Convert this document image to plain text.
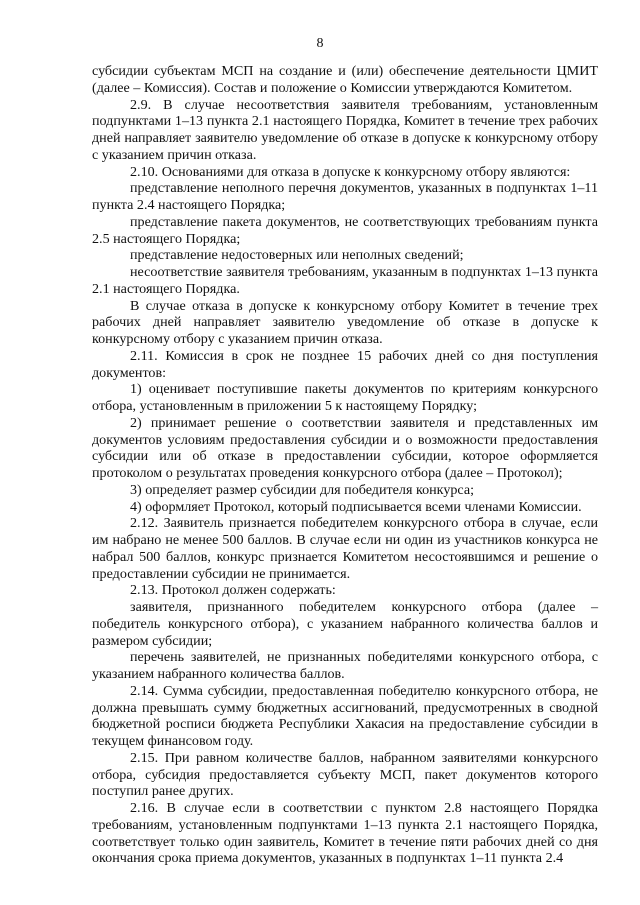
8

субсидии субъектам МСП на создание и (или) обеспечение деятельности ЦМИТ (далее – Комиссия). Состав и положение о Комиссии утверждаются Комитетом.

2.9. В случае несоответствия заявителя требованиям, установленным подпунктами 1–13 пункта 2.1 настоящего Порядка, Комитет в течение трех рабочих дней направляет заявителю уведомление об отказе в допуске к конкурсному отбору с указанием причин отказа.

2.10. Основаниями для отказа в допуске к конкурсному отбору являются:

представление неполного перечня документов, указанных в подпунктах 1–11 пункта 2.4 настоящего Порядка;

представление пакета документов, не соответствующих требованиям пункта 2.5 настоящего Порядка;

представление недостоверных или неполных сведений;

несоответствие заявителя требованиям, указанным в подпунктах 1–13 пункта 2.1 настоящего Порядка.

В случае отказа в допуске к конкурсному отбору Комитет в течение трех рабочих дней направляет заявителю уведомление об отказе в допуске к конкурсному отбору с указанием причин отказа.

2.11. Комиссия в срок не позднее 15 рабочих дней со дня поступления документов:

1) оценивает поступившие пакеты документов по критериям конкурсного отбора, установленным в приложении 5 к настоящему Порядку;

2) принимает решение о соответствии заявителя и представленных им документов условиям предоставления субсидии и о возможности предоставления субсидии или об отказе в предоставлении субсидии, которое оформляется протоколом о результатах проведения конкурсного отбора (далее – Протокол);

3) определяет размер субсидии для победителя конкурса;

4) оформляет Протокол, который подписывается всеми членами Комиссии.

2.12. Заявитель признается победителем конкурсного отбора в случае, если им набрано не менее 500 баллов. В случае если ни один из участников конкурса не набрал 500 баллов, конкурс признается Комитетом несостоявшимся и решение о предоставлении субсидии не принимается.

2.13. Протокол должен содержать:

заявителя, признанного победителем конкурсного отбора (далее – победитель конкурсного отбора), с указанием набранного количества баллов и размером субсидии;

перечень заявителей, не признанных победителями конкурсного отбора, с указанием набранного количества баллов.

2.14. Сумма субсидии, предоставленная победителю конкурсного отбора, не должна превышать сумму бюджетных ассигнований, предусмотренных в сводной бюджетной росписи бюджета Республики Хакасия на предоставление субсидии в текущем финансовом году.

2.15. При равном количестве баллов, набранном заявителями конкурсного отбора, субсидия предоставляется субъекту МСП, пакет документов которого поступил ранее других.

2.16. В случае если в соответствии с пунктом 2.8 настоящего Порядка требованиям, установленным подпунктами 1–13 пункта 2.1 настоящего Порядка, соответствует только один заявитель, Комитет в течение пяти рабочих дней со дня окончания срока приема документов, указанных в подпунктах 1–11 пункта 2.4
